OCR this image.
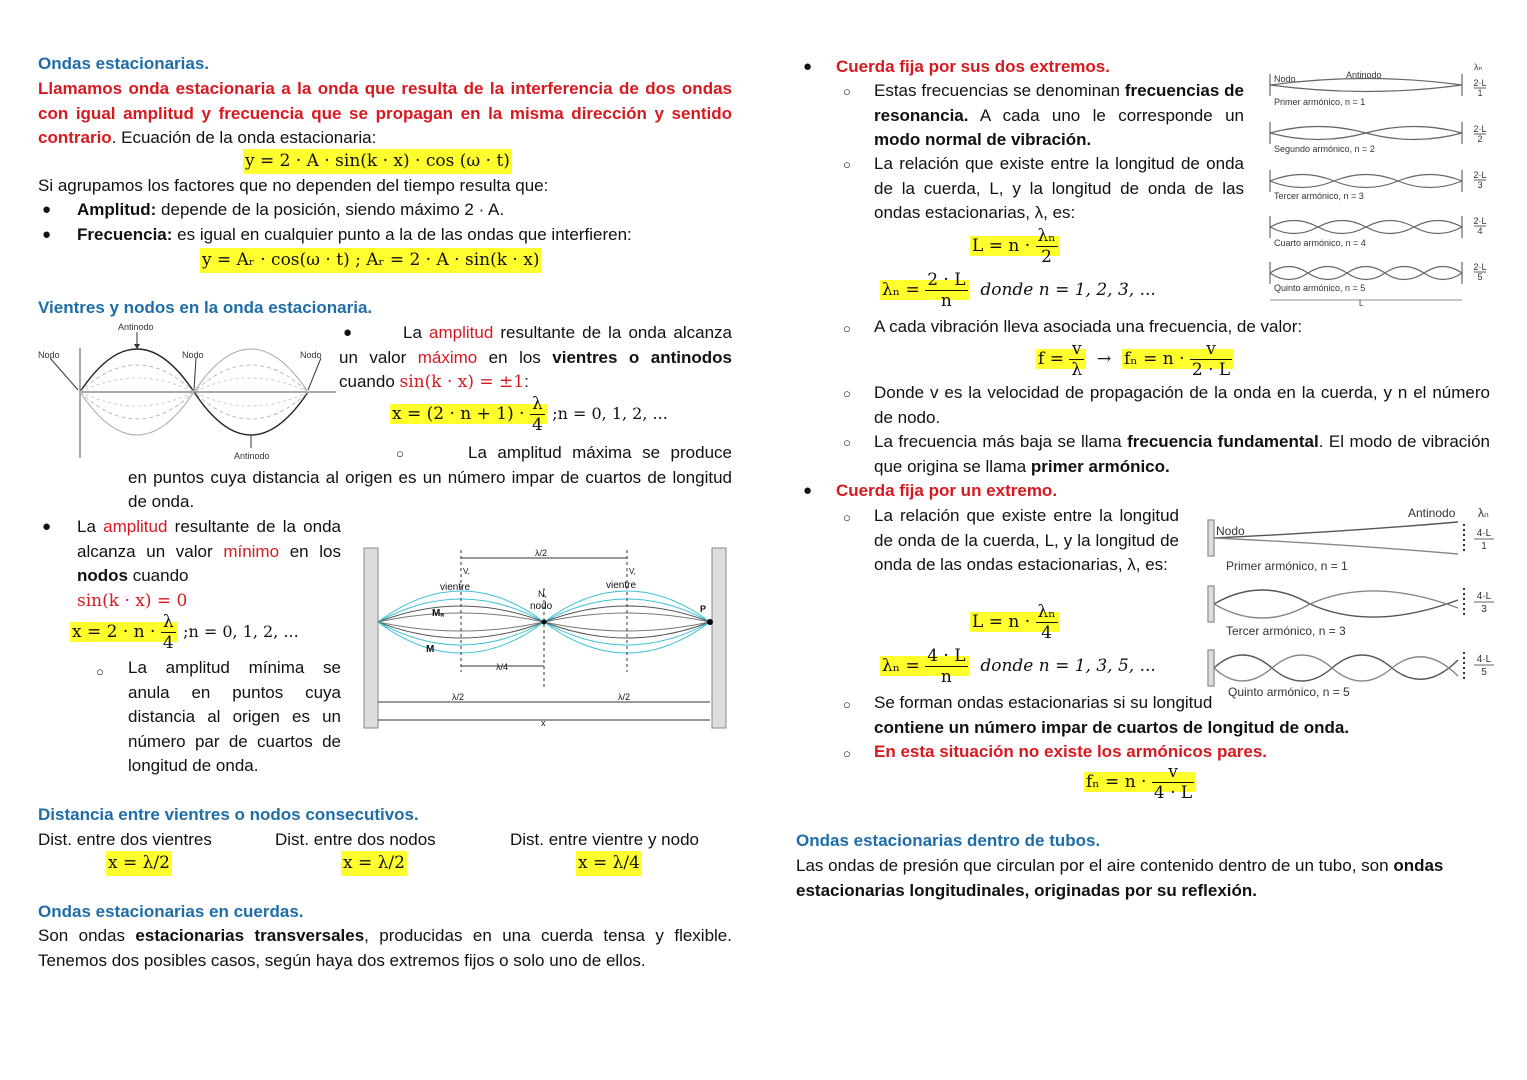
Ondas estacionarias.
Llamamos onda estacionaria a la onda que resulta de la interferencia de dos ondas con igual amplitud y frecuencia que se propagan en la misma dirección y sentido contrario. Ecuación de la onda estacionaria:
y = 2 · A · sin(k · x) · cos (ω · t)
Si agrupamos los factores que no dependen del tiempo resulta que:
● Amplitud: depende de la posición, siendo máximo 2 · A.
● Frecuencia: es igual en cualquier punto a la de las ondas que interfieren:
y = Aᵣ · cos(ω · t) ; Aᵣ = 2 · A · sin(k · x)
Vientres y nodos en la onda estacionaria.
Antinodo
Nodo	Nodo	Nodo
Antinodo
●	La amplitud resultante de la onda alcanza un valor máximo en los vientres o antinodos cuando sin(k · x) = ±1:
$x = (2 \cdot n + 1) \cdot \frac{\lambda}{4}$ ;n = 0, 1, 2, ...
○	La amplitud máxima se produce en puntos cuya distancia al origen es un número impar de cuartos de longitud de onda.
● La amplitud resultante de la onda alcanza un valor mínimo en los nodos cuando
sin(k · x) = 0
$x = 2 \cdot n \cdot \frac{\lambda}{4}$ ;n = 0, 1, 2, ...
○ La amplitud mínima se anula en puntos cuya distancia al origen es un número par de cuartos de longitud de onda.
vientre	vientre
N,
nodo
V,	V,
Mₐ
M
P
λ/2
λ/4
λ/2	λ/2
x
Distancia entre vientres o nodos consecutivos.
Dist. entre dos vientres
x = λ/2
Dist. entre dos nodos
x = λ/2
Dist. entre vientre y nodo
x = λ/4
Ondas estacionarias en cuerdas.
Son ondas estacionarias transversales, producidas en una cuerda tensa y flexible. Tenemos dos posibles casos, según haya dos extremos fijos o solo uno de ellos.
● Cuerda fija por sus dos extremos.
○ Estas frecuencias se denominan frecuencias de resonancia. A cada uno le corresponde un modo normal de vibración.
○ La relación que existe entre la longitud de onda de la cuerda, L, y la longitud de onda de las ondas estacionarias, λ, es:
$L = n \cdot \frac{\text{λₙ}}{2}$
$\lambda_n = \frac{2 \cdot L}{n}$ donde n = 1, 2, 3, ...
○ A cada vibración lleva asociada una frecuencia, de valor:
$f = \frac{v}{\lambda} \to f_n = n \cdot \frac{v}{2 \cdot L}$
○ Donde v es la velocidad de propagación de la onda en la cuerda, y n el número de nodo.
○ La frecuencia más baja se llama frecuencia fundamental. El modo de vibración que origina se llama primer armónico.
Nodo	Antinodo
λₙ
Primer armónico, n = 1
Segundo armónico, n = 2
Tercer armónico, n = 3
Cuarto armónico, n = 4
Quinto armónico, n = 5
L
2·L
1
2·L
2
2·L
3
2·L
4
2·L
5
● Cuerda fija por un extremo.
○ La relación que existe entre la longitud de onda de la cuerda, L, y la longitud de onda de las ondas estacionarias, λ, es:
$L = n \cdot \frac{\text{λₙ}}{4}$
$\lambda_n = \frac{4 \cdot L}{n}$ donde n = 1, 3, 5, ...
○ Se forman ondas estacionarias si su longitud
contiene un número impar de cuartos de longitud de onda.
○ En esta situación no existe los armónicos pares.
$f_n = n \cdot \frac{v}{4 \cdot L}$
Nodo
Antinodo λₙ
Primer armónico, n = 1
Tercer armónico, n = 3
Quinto armónico, n = 5
4·L
1
4·L
3
4·L
5
Ondas estacionarias dentro de tubos.
Las ondas de presión que circulan por el aire contenido dentro de un tubo, son ondas estacionarias longitudinales, originadas por su reflexión.
